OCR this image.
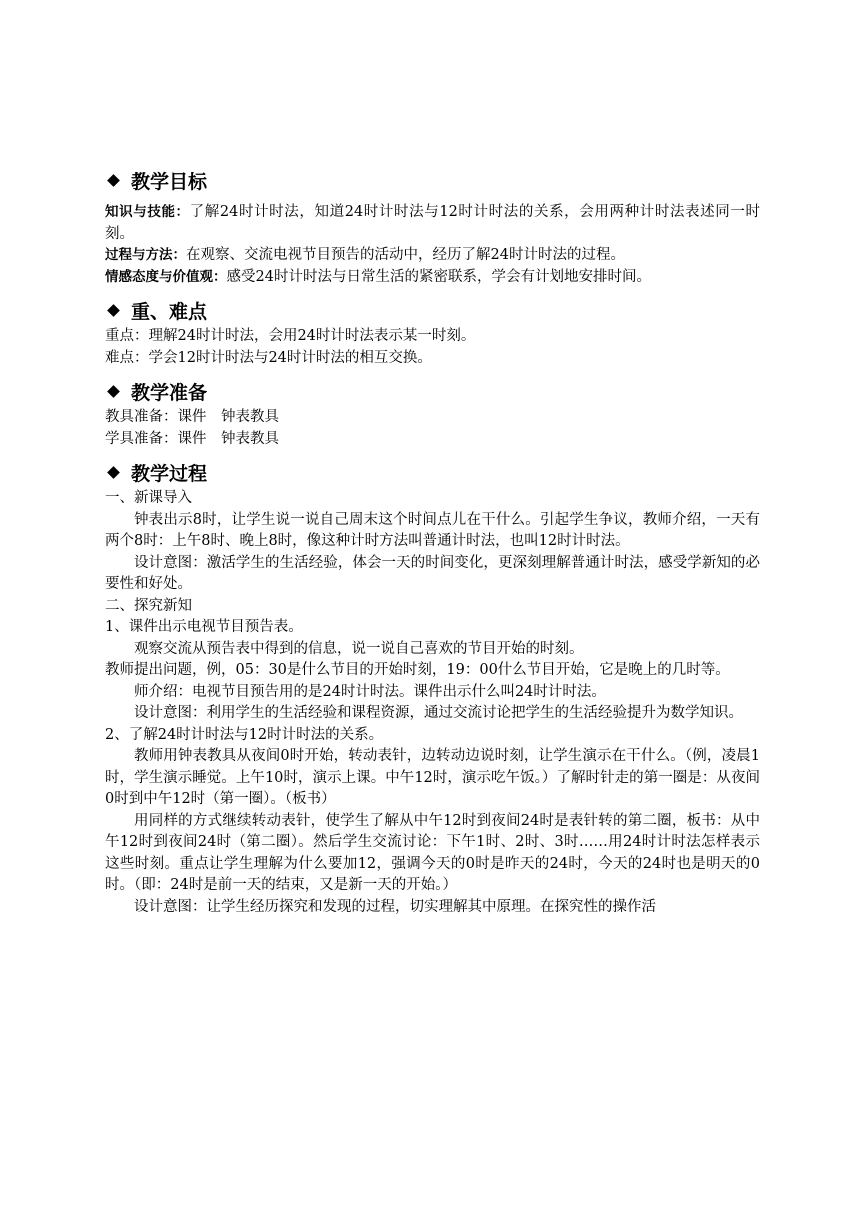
教学目标

知识与技能：了解24时计时法，知道24时计时法与12时计时法的关系，会用两种计时法表述同一时刻。

过程与方法：在观察、交流电视节目预告的活动中，经历了解24时计时法的过程。

情感态度与价值观：感受24时计时法与日常生活的紧密联系，学会有计划地安排时间。

重、难点

重点：理解24时计时法，会用24时计时法表示某一时刻。

难点：学会12时计时法与24时计时法的相互交换。

教学准备

教具准备：课件　钟表教具

学具准备：课件　钟表教具

教学过程

一、新课导入

钟表出示8时，让学生说一说自己周末这个时间点儿在干什么。引起学生争议，教师介绍，一天有两个8时：上午8时、晚上8时，像这种计时方法叫普通计时法，也叫12时计时法。

设计意图：激活学生的生活经验，体会一天的时间变化，更深刻理解普通计时法，感受学新知的必要性和好处。

二、探究新知

1、课件出示电视节目预告表。

观察交流从预告表中得到的信息，说一说自己喜欢的节目开始的时刻。

教师提出问题，例，05：30是什么节目的开始时刻，19：00什么节目开始，它是晚上的几时等。

师介绍：电视节目预告用的是24时计时法。课件出示什么叫24时计时法。

设计意图：利用学生的生活经验和课程资源，通过交流讨论把学生的生活经验提升为数学知识。

2、了解24时计时法与12时计时法的关系。

教师用钟表教具从夜间0时开始，转动表针，边转动边说时刻，让学生演示在干什么。（例，凌晨1时，学生演示睡觉。上午10时，演示上课。中午12时，演示吃午饭。）了解时针走的第一圈是：从夜间0时到中午12时（第一圈）。（板书）

用同样的方式继续转动表针，使学生了解从中午12时到夜间24时是表针转的第二圈，板书：从中午12时到夜间24时（第二圈）。然后学生交流讨论：下午1时、2时、3时……用24时计时法怎样表示这些时刻。重点让学生理解为什么要加12，强调今天的0时是昨天的24时，今天的24时也是明天的0时。（即：24时是前一天的结束，又是新一天的开始。）

设计意图：让学生经历探究和发现的过程，切实理解其中原理。在探究性的操作活
